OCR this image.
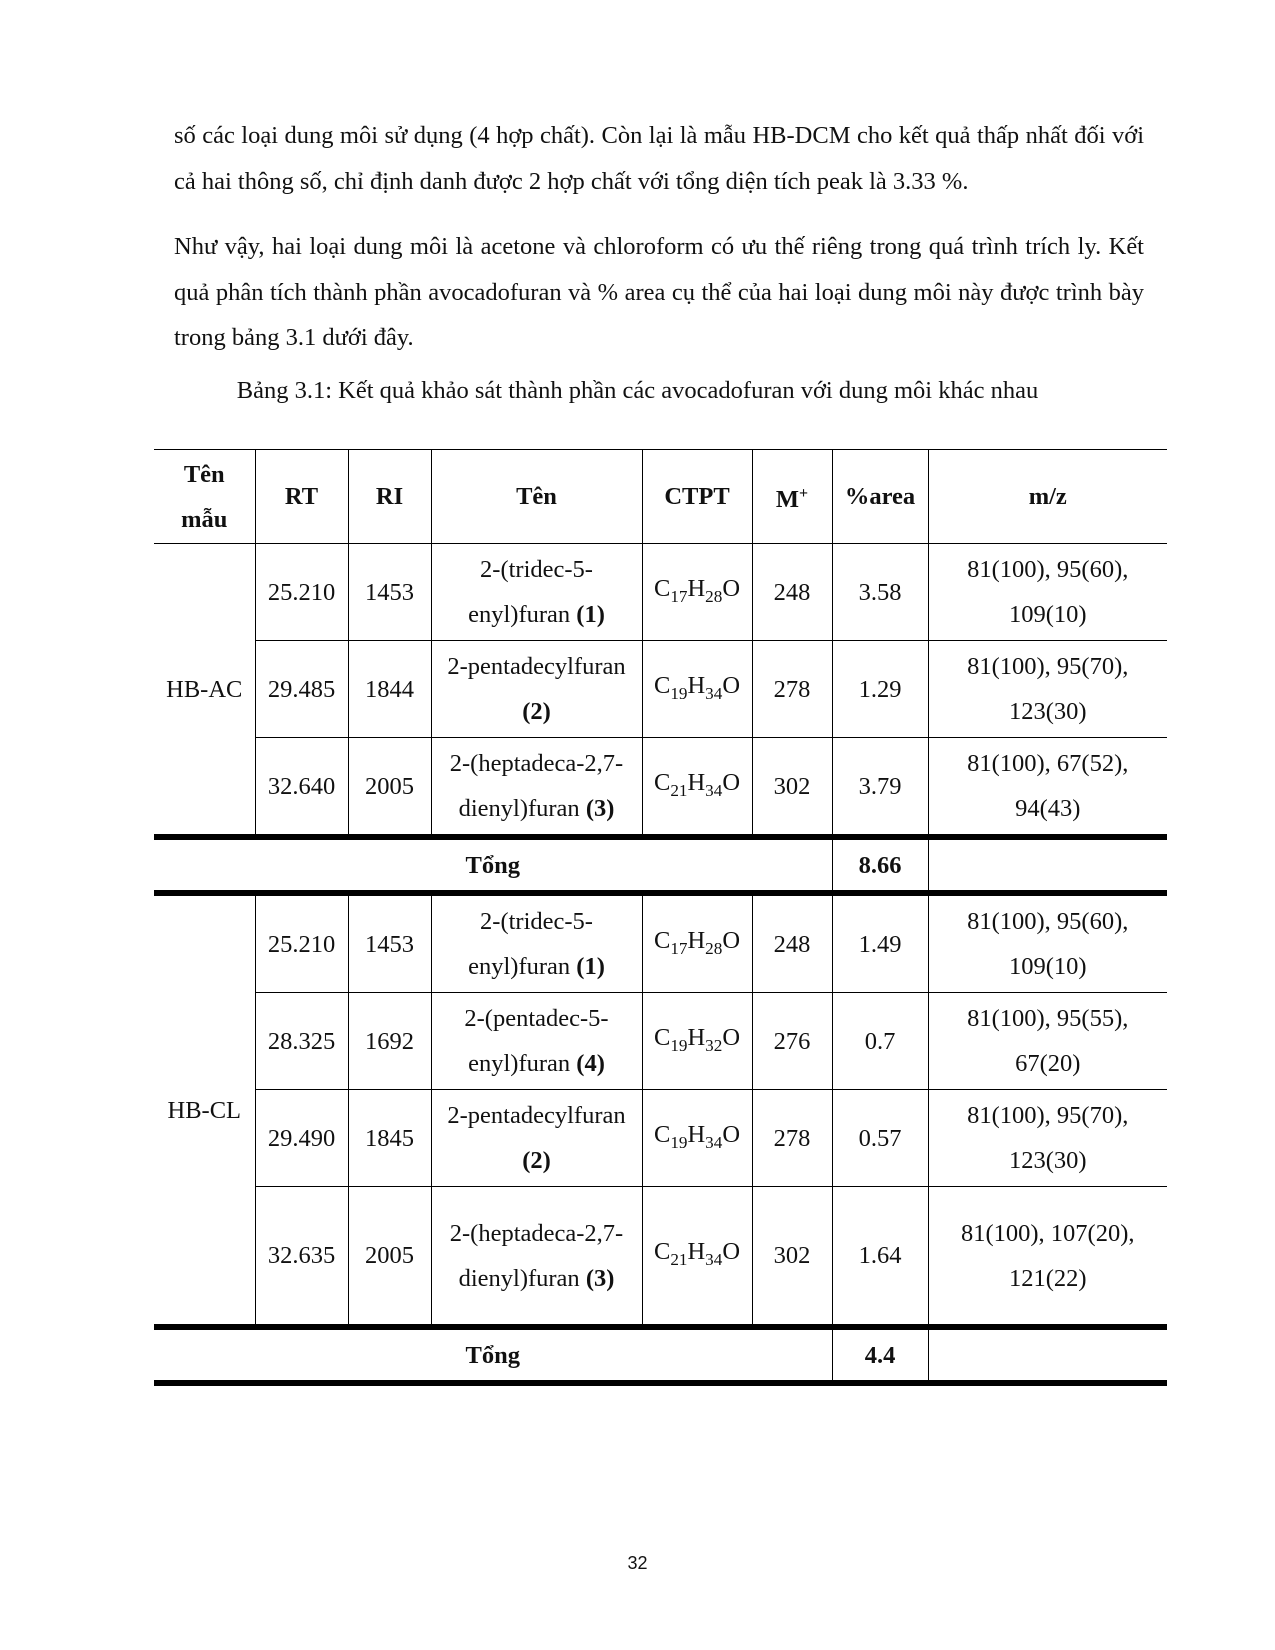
số các loại dung môi sử dụng (4 hợp chất). Còn lại là mẫu HB-DCM cho kết quả thấp nhất đối với cả hai thông số, chỉ định danh được 2 hợp chất với tổng diện tích peak là 3.33 %.

Như vậy, hai loại dung môi là acetone và chloroform có ưu thế riêng trong quá trình trích ly. Kết quả phân tích thành phần avocadofuran và % area cụ thể của hai loại dung môi này được trình bày trong bảng 3.1 dưới đây.

Bảng 3.1: Kết quả khảo sát thành phần các avocadofuran với dung môi khác nhau
Tên mẫu	RT	RI	Tên	CTPT	M+	%area	m/z
HB-AC	25.210	1453	2-(tridec-5-enyl)furan (1)	$C_{17}H_{28}O$	248	3.58	81(100), 95(60), 109(10)
	29.485	1844	2-pentadecylfuran (2)	$C_{19}H_{34}O$	278	1.29	81(100), 95(70), 123(30)
	32.640	2005	2-(heptadeca-2,7-dienyl)furan (3)	$C_{21}H_{34}O$	302	3.79	81(100), 67(52), 94(43)
Tổng						8.66	
HB-CL	25.210	1453	2-(tridec-5-enyl)furan (1)	$C_{17}H_{28}O$	248	1.49	81(100), 95(60), 109(10)
	28.325	1692	2-(pentadec-5-enyl)furan (4)	$C_{19}H_{32}O$	276	0.7	81(100), 95(55), 67(20)
	29.490	1845	2-pentadecylfuran (2)	$C_{19}H_{34}O$	278	0.57	81(100), 95(70), 123(30)
	32.635	2005	2-(heptadeca-2,7-dienyl)furan (3)	$C_{21}H_{34}O$	302	1.64	81(100), 107(20), 121(22)
Tổng						4.4	
32
